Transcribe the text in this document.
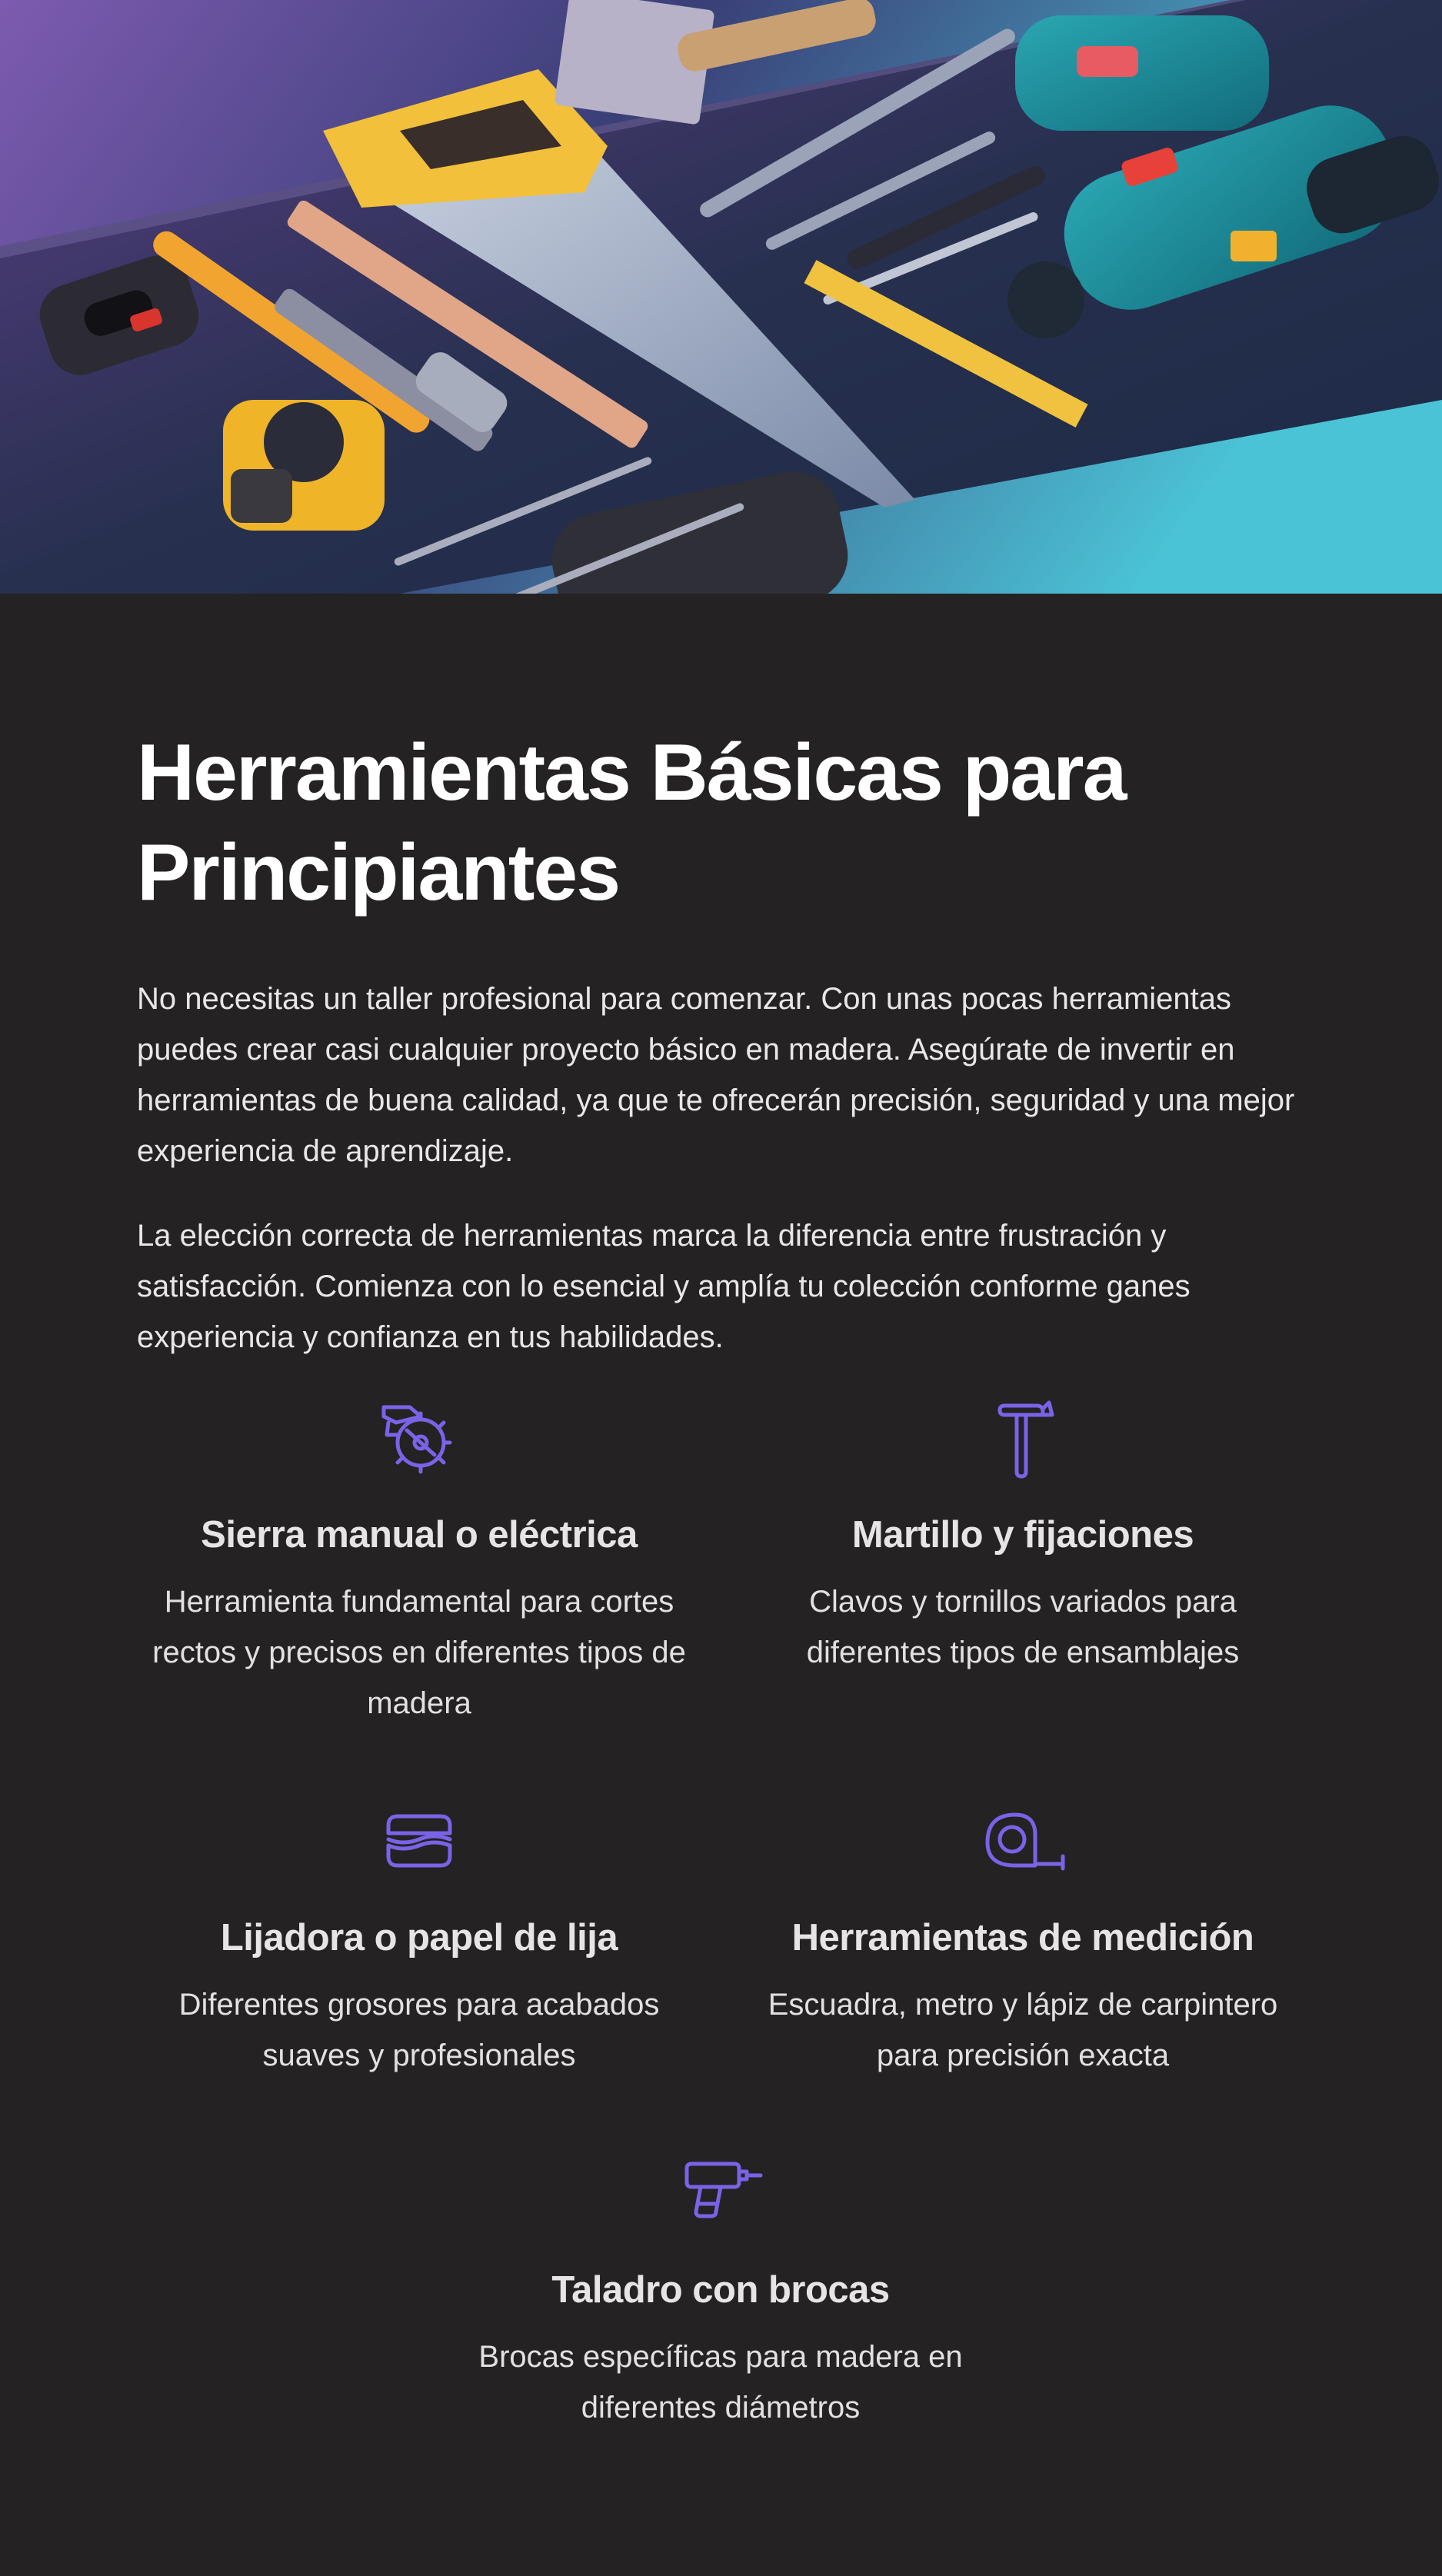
Herramientas Básicas para Principiantes

No necesitas un taller profesional para comenzar. Con unas pocas herramientas puedes crear casi cualquier proyecto básico en madera. Asegúrate de invertir en herramientas de buena calidad, ya que te ofrecerán precisión, seguridad y una mejor experiencia de aprendizaje.

La elección correcta de herramientas marca la diferencia entre frustración y satisfacción. Comienza con lo esencial y amplía tu colección conforme ganes experiencia y confianza en tus habilidades.

Sierra manual o eléctrica
Herramienta fundamental para cortes rectos y precisos en diferentes tipos de madera
Martillo y fijaciones
Clavos y tornillos variados para diferentes tipos de ensamblajes
Lijadora o papel de lija
Diferentes grosores para acabados suaves y profesionales
Herramientas de medición
Escuadra, metro y lápiz de carpintero para precisión exacta
Taladro con brocas
Brocas específicas para madera en diferentes diámetros
